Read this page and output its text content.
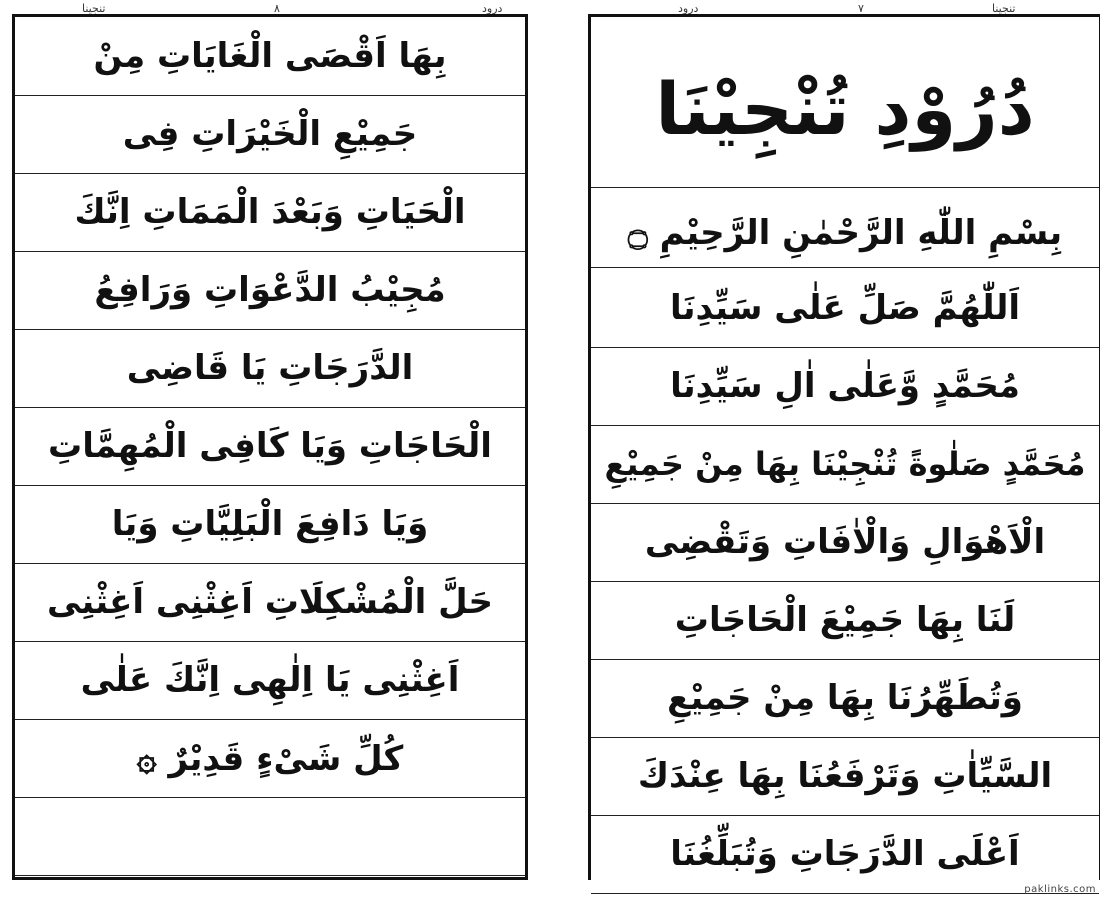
تنجینا	٨	درود
بِهَا اَقْصَى الْغَايَاتِ مِنْ
جَمِيْعِ الْخَيْرَاتِ فِى
الْحَيَاتِ وَبَعْدَ الْمَمَاتِ اِنَّكَ
مُجِيْبُ الدَّعْوَاتِ وَرَافِعُ
الدَّرَجَاتِ يَا قَاضِى
الْحَاجَاتِ وَيَا كَافِى الْمُهِمَّاتِ
وَيَا دَافِعَ الْبَلِيَّاتِ وَيَا
حَلَّ الْمُشْكِلَاتِ اَغِثْنِى اَغِثْنِى
اَغِثْنِى يَا اِلٰهِى اِنَّكَ عَلٰى
كُلِّ شَىْءٍ قَدِيْرٌ ۞
درود	٧	تنجینا
دُرُوْدِ تُنْجِيْنَا
بِسْمِ اللّٰهِ الرَّحْمٰنِ الرَّحِيْمِ ۝
اَللّٰهُمَّ صَلِّ عَلٰى سَيِّدِنَا
مُحَمَّدٍ وَّعَلٰى اٰلِ سَيِّدِنَا
مُحَمَّدٍ صَلٰوةً تُنْجِيْنَا بِهَا مِنْ جَمِيْعِ
الْاَهْوَالِ وَالْاٰفَاتِ وَتَقْضِى
لَنَا بِهَا جَمِيْعَ الْحَاجَاتِ
وَتُطَهِّرُنَا بِهَا مِنْ جَمِيْعِ
السَّيِّاٰتِ وَتَرْفَعُنَا بِهَا عِنْدَكَ
اَعْلَى الدَّرَجَاتِ وَتُبَلِّغُنَا
paklinks.com
